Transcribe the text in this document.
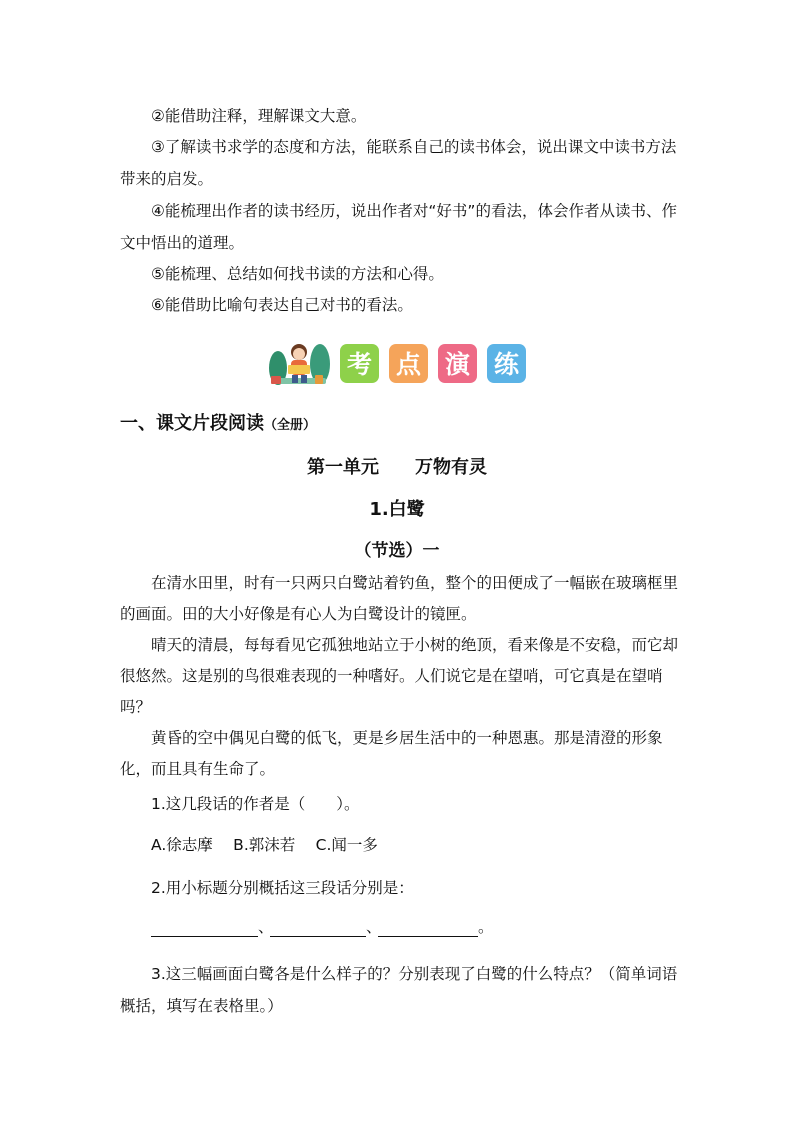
②能借助注释，理解课文大意。

③了解读书求学的态度和方法，能联系自己的读书体会，说出课文中读书方法带来的启发。

④能梳理出作者的读书经历，说出作者对“好书”的看法，体会作者从读书、作文中悟出的道理。

⑤能梳理、总结如何找书读的方法和心得。

⑥能借助比喻句表达自己对书的看法。

考 点 演 练

一、课文片段阅读（全册）

第一单元　　万物有灵

1.白鹭

（节选）一

在清水田里，时有一只两只白鹭站着钓鱼，整个的田便成了一幅嵌在玻璃框里的画面。田的大小好像是有心人为白鹭设计的镜匣。

晴天的清晨，每每看见它孤独地站立于小树的绝顶，看来像是不安稳，而它却很悠然。这是别的鸟很难表现的一种嗜好。人们说它是在望哨，可它真是在望哨吗？

黄昏的空中偶见白鹭的低飞，更是乡居生活中的一种恩惠。那是清澄的形象化，而且具有生命了。

1.这几段话的作者是（　　）。

A.徐志摩　 B.郭沫若　 C.闻一多

2.用小标题分别概括这三段话分别是：

、	、	。

3.这三幅画面白鹭各是什么样子的？分别表现了白鹭的什么特点？（简单词语概括，填写在表格里。）
